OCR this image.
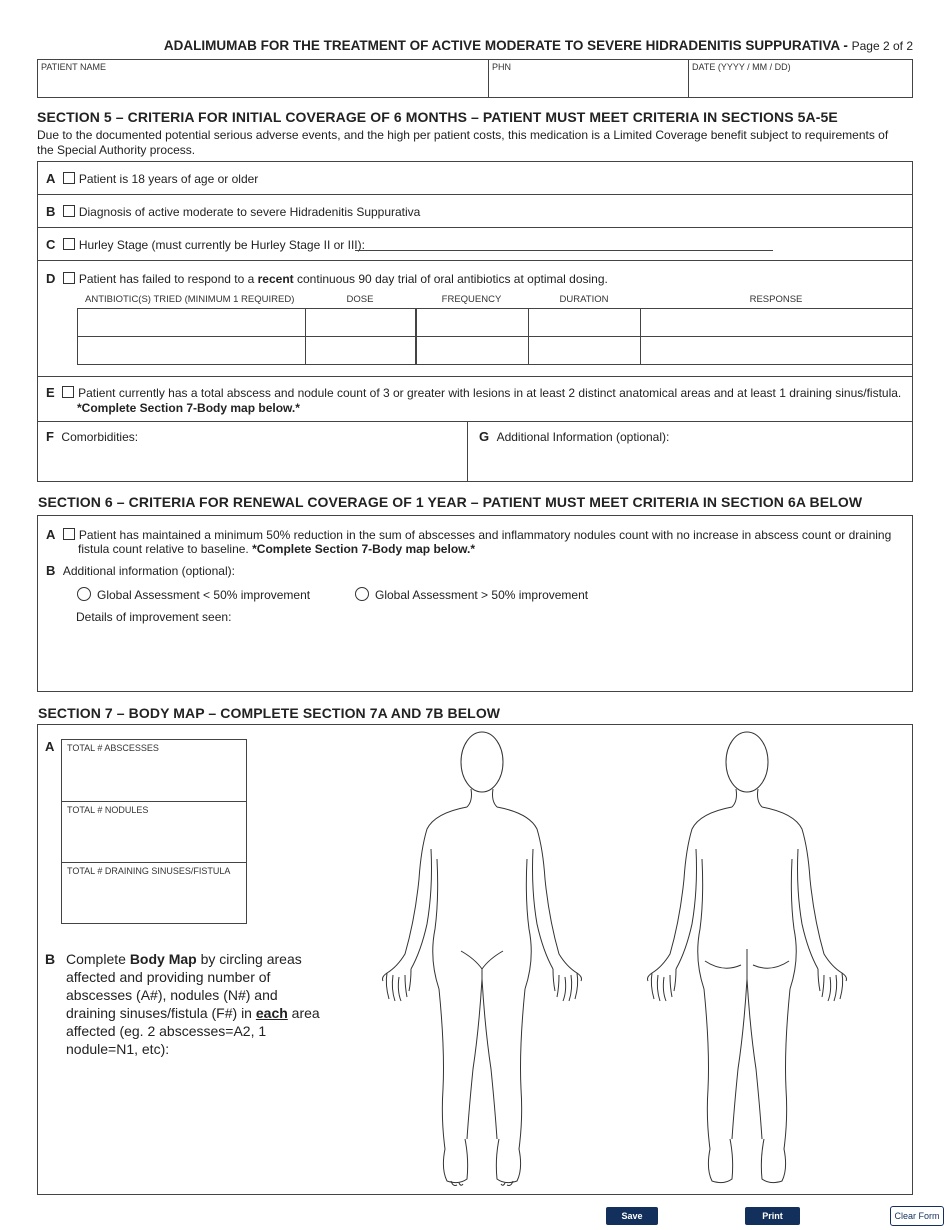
ADALIMUMAB FOR THE TREATMENT OF ACTIVE MODERATE TO SEVERE HIDRADENITIS SUPPURATIVA - Page 2 of 2
PATIENT NAME	PHN	DATE (YYYY / MM / DD)
SECTION 5 – CRITERIA FOR INITIAL COVERAGE OF 6 MONTHS – PATIENT MUST MEET CRITERIA IN SECTIONS 5A-5E
Due to the documented potential serious adverse events, and the high per patient costs, this medication is a Limited Coverage benefit subject to requirements of the Special Authority process.
A Patient is 18 years of age or older
B Diagnosis of active moderate to severe Hidradenitis Suppurativa
C Hurley Stage (must currently be Hurley Stage II or III):
D Patient has failed to respond to a recent continuous 90 day trial of oral antibiotics at optimal dosing.
ANTIBIOTIC(S) TRIED (MINIMUM 1 REQUIRED)	DOSE	FREQUENCY	DURATION	RESPONSE
E Patient currently has a total abscess and nodule count of 3 or greater with lesions in at least 2 distinct anatomical areas and at least 1 draining sinus/fistula.
*Complete Section 7-Body map below.*
F Comorbidities:	G Additional Information (optional):
SECTION 6 – CRITERIA FOR RENEWAL COVERAGE OF 1 YEAR – PATIENT MUST MEET CRITERIA IN SECTION 6A BELOW
A Patient has maintained a minimum 50% reduction in the sum of abscesses and inflammatory nodules count with no increase in abscess count or draining
fistula count relative to baseline. *Complete Section 7-Body map below.*
B Additional information (optional):
Global Assessment < 50% improvement	Global Assessment > 50% improvement
Details of improvement seen:
SECTION 7 – BODY MAP – COMPLETE SECTION 7A AND 7B BELOW
A TOTAL # ABSCESSES
TOTAL # NODULES
TOTAL # DRAINING SINUSES/FISTULA
B Complete Body Map by circling areas affected and providing number of abscesses (A#), nodules (N#) and draining sinuses/fistula (F#) in each area affected (eg. 2 abscesses=A2, 1 nodule=N1, etc):
Save	Print	Clear Form
